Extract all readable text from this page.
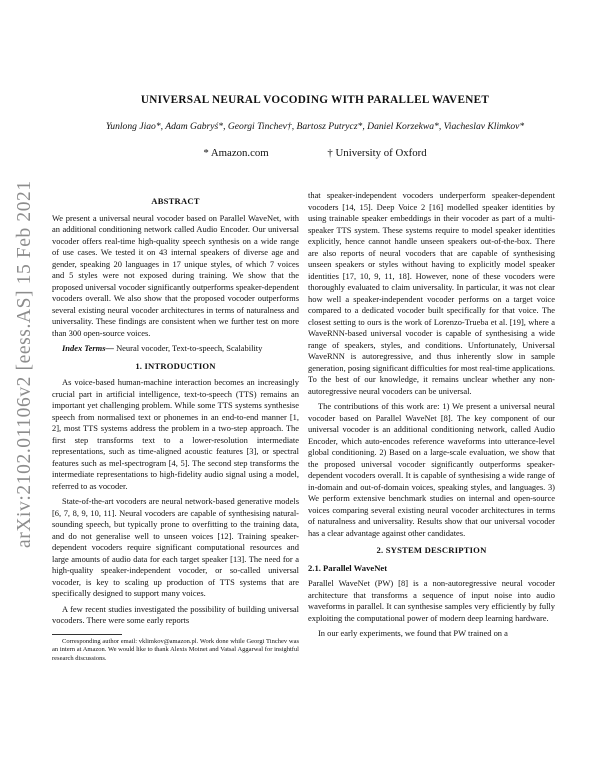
arXiv:2102.01106v2 [eess.AS] 15 Feb 2021
UNIVERSAL NEURAL VOCODING WITH PARALLEL WAVENET

Yunlong Jiao*, Adam Gabryś*, Georgi Tinchev†, Bartosz Putrycz*, Daniel Korzekwa*, Viacheslav Klimkov*

* Amazon.com	† University of Oxford

ABSTRACT

We present a universal neural vocoder based on Parallel WaveNet, with an additional conditioning network called Audio Encoder. Our universal vocoder offers real-time high-quality speech synthesis on a wide range of use cases. We tested it on 43 internal speakers of diverse age and gender, speaking 20 languages in 17 unique styles, of which 7 voices and 5 styles were not exposed during training. We show that the proposed universal vocoder significantly outperforms speaker-dependent vocoders overall. We also show that the proposed vocoder outperforms several existing neural vocoder architectures in terms of naturalness and universality. These findings are consistent when we further test on more than 300 open-source voices.

Index Terms— Neural vocoder, Text-to-speech, Scalability

1. INTRODUCTION

As voice-based human-machine interaction becomes an increasingly crucial part in artificial intelligence, text-to-speech (TTS) remains an important yet challenging problem. While some TTS systems synthesise speech from normalised text or phonemes in an end-to-end manner [1, 2], most TTS systems address the problem in a two-step approach. The first step transforms text to a lower-resolution intermediate representations, such as time-aligned acoustic features [3], or spectral features such as mel-spectrogram [4, 5]. The second step transforms the intermediate representations to high-fidelity audio signal using a model, referred to as vocoder.

State-of-the-art vocoders are neural network-based generative models [6, 7, 8, 9, 10, 11]. Neural vocoders are capable of synthesising natural-sounding speech, but typically prone to overfitting to the training data, and do not generalise well to unseen voices [12]. Training speaker-dependent vocoders require significant computational resources and large amounts of audio data for each target speaker [13]. The need for a high-quality speaker-independent vocoder, or so-called universal vocoder, is key to scaling up production of TTS systems that are specifically designed to support many voices.

A few recent studies investigated the possibility of building universal vocoders. There were some early reports

Corresponding author email: vklimkov@amazon.pl. Work done while Georgi Tinchev was an intern at Amazon. We would like to thank Alexis Moinet and Vatsal Aggarwal for insightful research discussions.

that speaker-independent vocoders underperform speaker-dependent vocoders [14, 15]. Deep Voice 2 [16] modelled speaker identities by using trainable speaker embeddings in their vocoder as part of a multi-speaker TTS system. These systems require to model speaker identities explicitly, hence cannot handle unseen speakers out-of-the-box. There are also reports of neural vocoders that are capable of synthesising unseen speakers or styles without having to explicitly model speaker identities [17, 10, 9, 11, 18]. However, none of these vocoders were thoroughly evaluated to claim universality. In particular, it was not clear how well a speaker-independent vocoder performs on a target voice compared to a dedicated vocoder built specifically for that voice. The closest setting to ours is the work of Lorenzo-Trueba et al. [19], where a WaveRNN-based universal vocoder is capable of synthesising a wide range of speakers, styles, and conditions. Unfortunately, Universal WaveRNN is autoregressive, and thus inherently slow in sample generation, posing significant difficulties for most real-time applications. To the best of our knowledge, it remains unclear whether any non-autoregressive neural vocoders can be universal.

The contributions of this work are: 1) We present a universal neural vocoder based on Parallel WaveNet [8]. The key component of our universal vocoder is an additional conditioning network, called Audio Encoder, which auto-encodes reference waveforms into utterance-level global conditioning. 2) Based on a large-scale evaluation, we show that the proposed universal vocoder significantly outperforms speaker-dependent vocoders overall. It is capable of synthesising a wide range of in-domain and out-of-domain voices, speaking styles, and languages. 3) We perform extensive benchmark studies on internal and open-source voices comparing several existing neural vocoder architectures in terms of naturalness and universality. Results show that our universal vocoder has a clear advantage against other candidates.

2. SYSTEM DESCRIPTION
2.1. Parallel WaveNet

Parallel WaveNet (PW) [8] is a non-autoregressive neural vocoder architecture that transforms a sequence of input noise into audio waveforms in parallel. It can synthesise samples very efficiently by fully exploiting the computational power of modern deep learning hardware.

In our early experiments, we found that PW trained on a
